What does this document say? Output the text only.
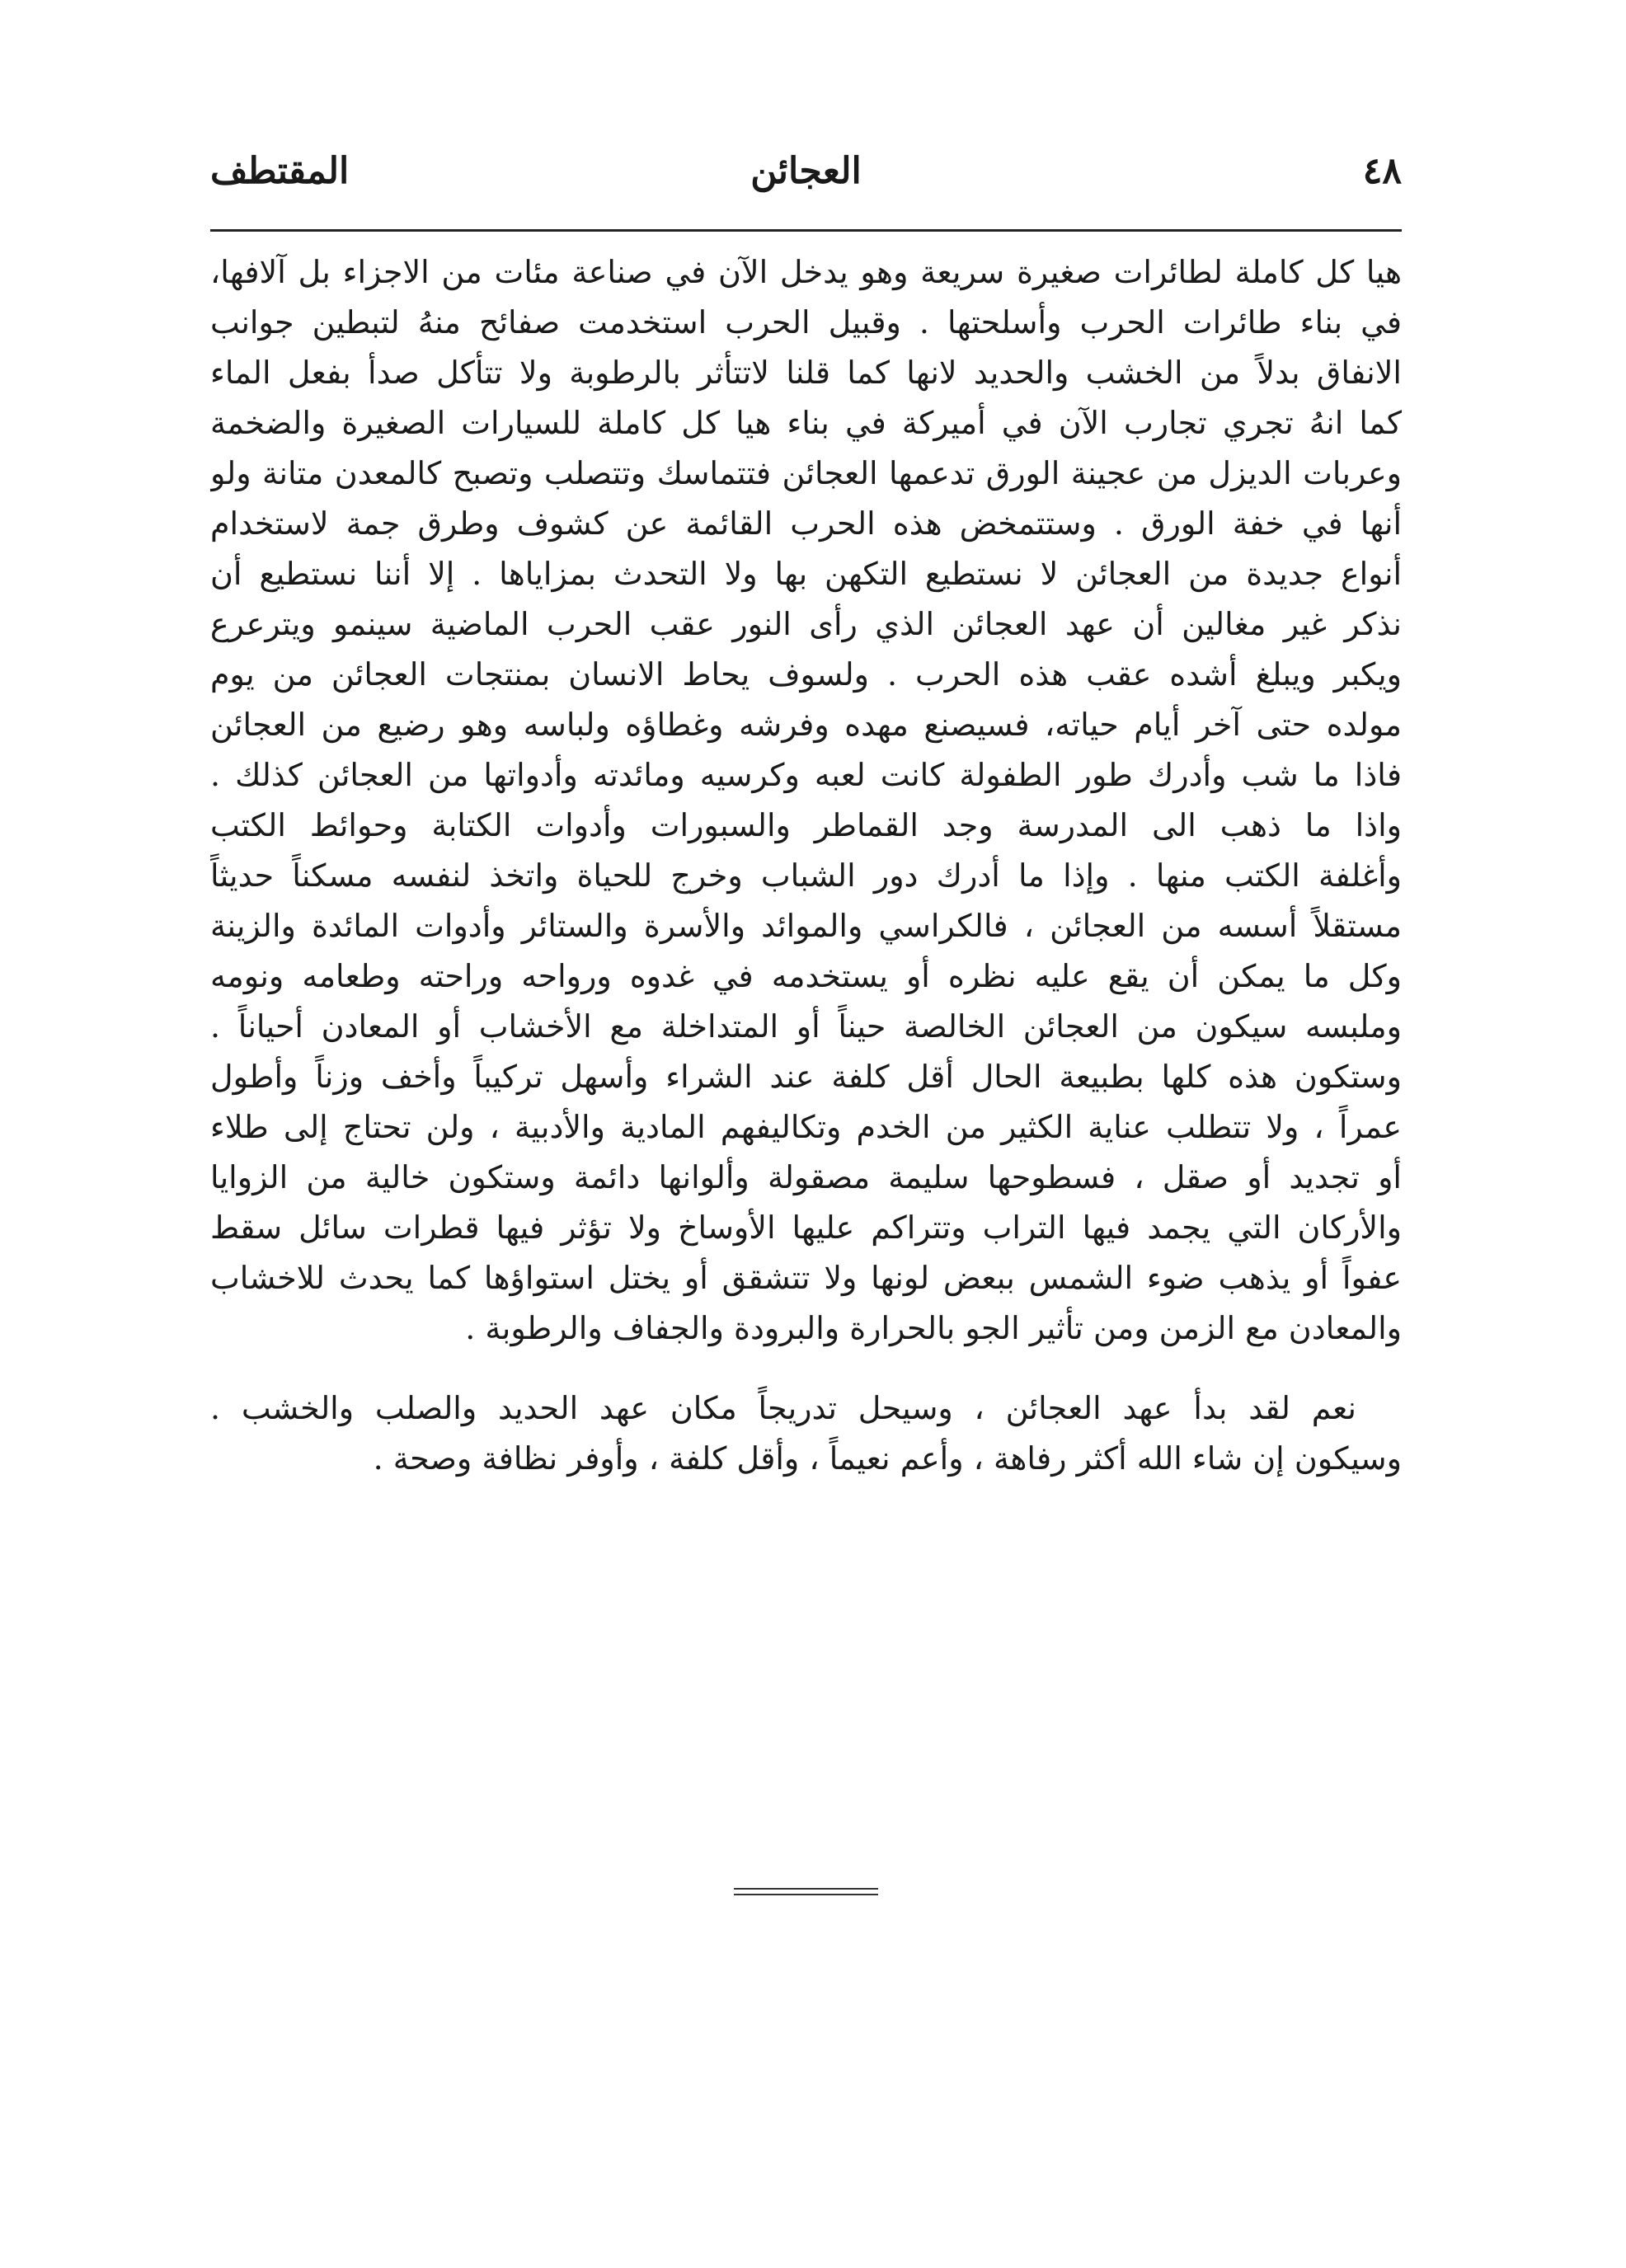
٤٨
العجائن
المقتطف
هيا كل كاملة لطائرات صغيرة سريعة وهو يدخل الآن في صناعة مئات من الاجزاء بل آلافها،
في بناء طائرات الحرب وأسلحتها . وقبيل الحرب استخدمت صفائح منهُ لتبطين جوانب
الانفاق بدلاً من الخشب والحديد لانها كما قلنا لاتتأثر بالرطوبة ولا تتأكل صدأ بفعل الماء
كما انهُ تجري تجارب الآن في أميركة في بناء هيا كل كاملة للسيارات الصغيرة والضخمة
وعربات الديزل من عجينة الورق تدعمها العجائن فتتماسك وتتصلب وتصبح كالمعدن متانة ولو
أنها في خفة الورق . وستتمخض هذه الحرب القائمة عن كشوف وطرق جمة لاستخدام
أنواع جديدة من العجائن لا نستطيع التكهن بها ولا التحدث بمزاياها . إلا أننا نستطيع أن
نذكر غير مغالين أن عهد العجائن الذي رأى النور عقب الحرب الماضية سينمو ويترعرع
ويكبر ويبلغ أشده عقب هذه الحرب . ولسوف يحاط الانسان بمنتجات العجائن من يوم
مولده حتى آخر أيام حياته، فسيصنع مهده وفرشه وغطاؤه ولباسه وهو رضيع من العجائن
فاذا ما شب وأدرك طور الطفولة كانت لعبه وكرسيه ومائدته وأدواتها من العجائن كذلك .
واذا ما ذهب الى المدرسة وجد القماطر والسبورات وأدوات الكتابة وحوائط الكتب
وأغلفة الكتب منها . وإذا ما أدرك دور الشباب وخرج للحياة واتخذ لنفسه مسكناً حديثاً
مستقلاً أسسه من العجائن ، فالكراسي والموائد والأسرة والستائر وأدوات المائدة والزينة
وكل ما يمكن أن يقع عليه نظره أو يستخدمه في غدوه ورواحه وراحته وطعامه ونومه
وملبسه سيكون من العجائن الخالصة حيناً أو المتداخلة مع الأخشاب أو المعادن أحياناً .
وستكون هذه كلها بطبيعة الحال أقل كلفة عند الشراء وأسهل تركيباً وأخف وزناً وأطول
عمراً ، ولا تتطلب عناية الكثير من الخدم وتكاليفهم المادية والأدبية ، ولن تحتاج إلى طلاء
أو تجديد أو صقل ، فسطوحها سليمة مصقولة وألوانها دائمة وستكون خالية من الزوايا
والأركان التي يجمد فيها التراب وتتراكم عليها الأوساخ ولا تؤثر فيها قطرات سائل سقط
عفواً أو يذهب ضوء الشمس ببعض لونها ولا تتشقق أو يختل استواؤها كما يحدث للاخشاب
والمعادن مع الزمن ومن تأثير الجو بالحرارة والبرودة والجفاف والرطوبة .
نعم لقد بدأ عهد العجائن ، وسيحل تدريجاً مكان عهد الحديد والصلب والخشب .
وسيكون إن شاء الله أكثر رفاهة ، وأعم نعيماً ، وأقل كلفة ، وأوفر نظافة وصحة .
